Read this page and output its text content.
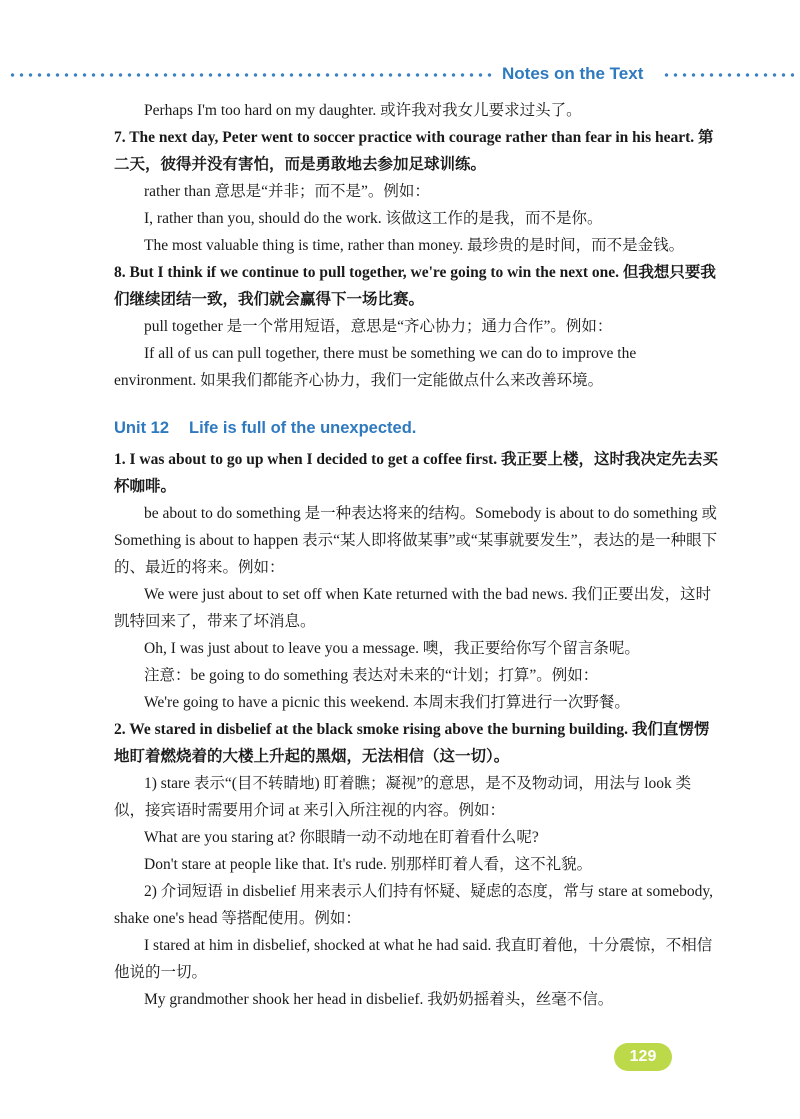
Notes on the Text

Perhaps I'm too hard on my daughter. 或许我对我女儿要求过头了。

7. The next day, Peter went to soccer practice with courage rather than fear in his heart. 第二天，彼得并没有害怕，而是勇敢地去参加足球训练。

rather than 意思是“并非；而不是”。例如：

I, rather than you, should do the work. 该做这工作的是我，而不是你。

The most valuable thing is time, rather than money. 最珍贵的是时间，而不是金钱。

8. But I think if we continue to pull together, we're going to win the next one. 但我想只要我们继续团结一致，我们就会赢得下一场比赛。

pull together 是一个常用短语，意思是“齐心协力；通力合作”。例如：

If all of us can pull together, there must be something we can do to improve the environment. 如果我们都能齐心协力，我们一定能做点什么来改善环境。

Unit 12 Life is full of the unexpected.

1. I was about to go up when I decided to get a coffee first. 我正要上楼，这时我决定先去买杯咖啡。

be about to do something 是一种表达将来的结构。Somebody is about to do something 或 Something is about to happen 表示“某人即将做某事”或“某事就要发生”，表达的是一种眼下的、最近的将来。例如：

We were just about to set off when Kate returned with the bad news. 我们正要出发，这时凯特回来了，带来了坏消息。

Oh, I was just about to leave you a message. 噢，我正要给你写个留言条呢。

注意：be going to do something 表达对未来的“计划；打算”。例如：

We're going to have a picnic this weekend. 本周末我们打算进行一次野餐。

2. We stared in disbelief at the black smoke rising above the burning building. 我们直愣愣地盯着燃烧着的大楼上升起的黑烟，无法相信（这一切）。

1) stare 表示“(目不转睛地) 盯着瞧；凝视”的意思，是不及物动词，用法与 look 类似，接宾语时需要用介词 at 来引入所注视的内容。例如：

What are you staring at? 你眼睛一动不动地在盯着看什么呢?

Don't stare at people like that. It's rude. 别那样盯着人看，这不礼貌。

2) 介词短语 in disbelief 用来表示人们持有怀疑、疑虑的态度，常与 stare at somebody, shake one's head 等搭配使用。例如：

I stared at him in disbelief, shocked at what he had said. 我直盯着他，十分震惊，不相信他说的一切。

My grandmother shook her head in disbelief. 我奶奶摇着头，丝毫不信。

129
